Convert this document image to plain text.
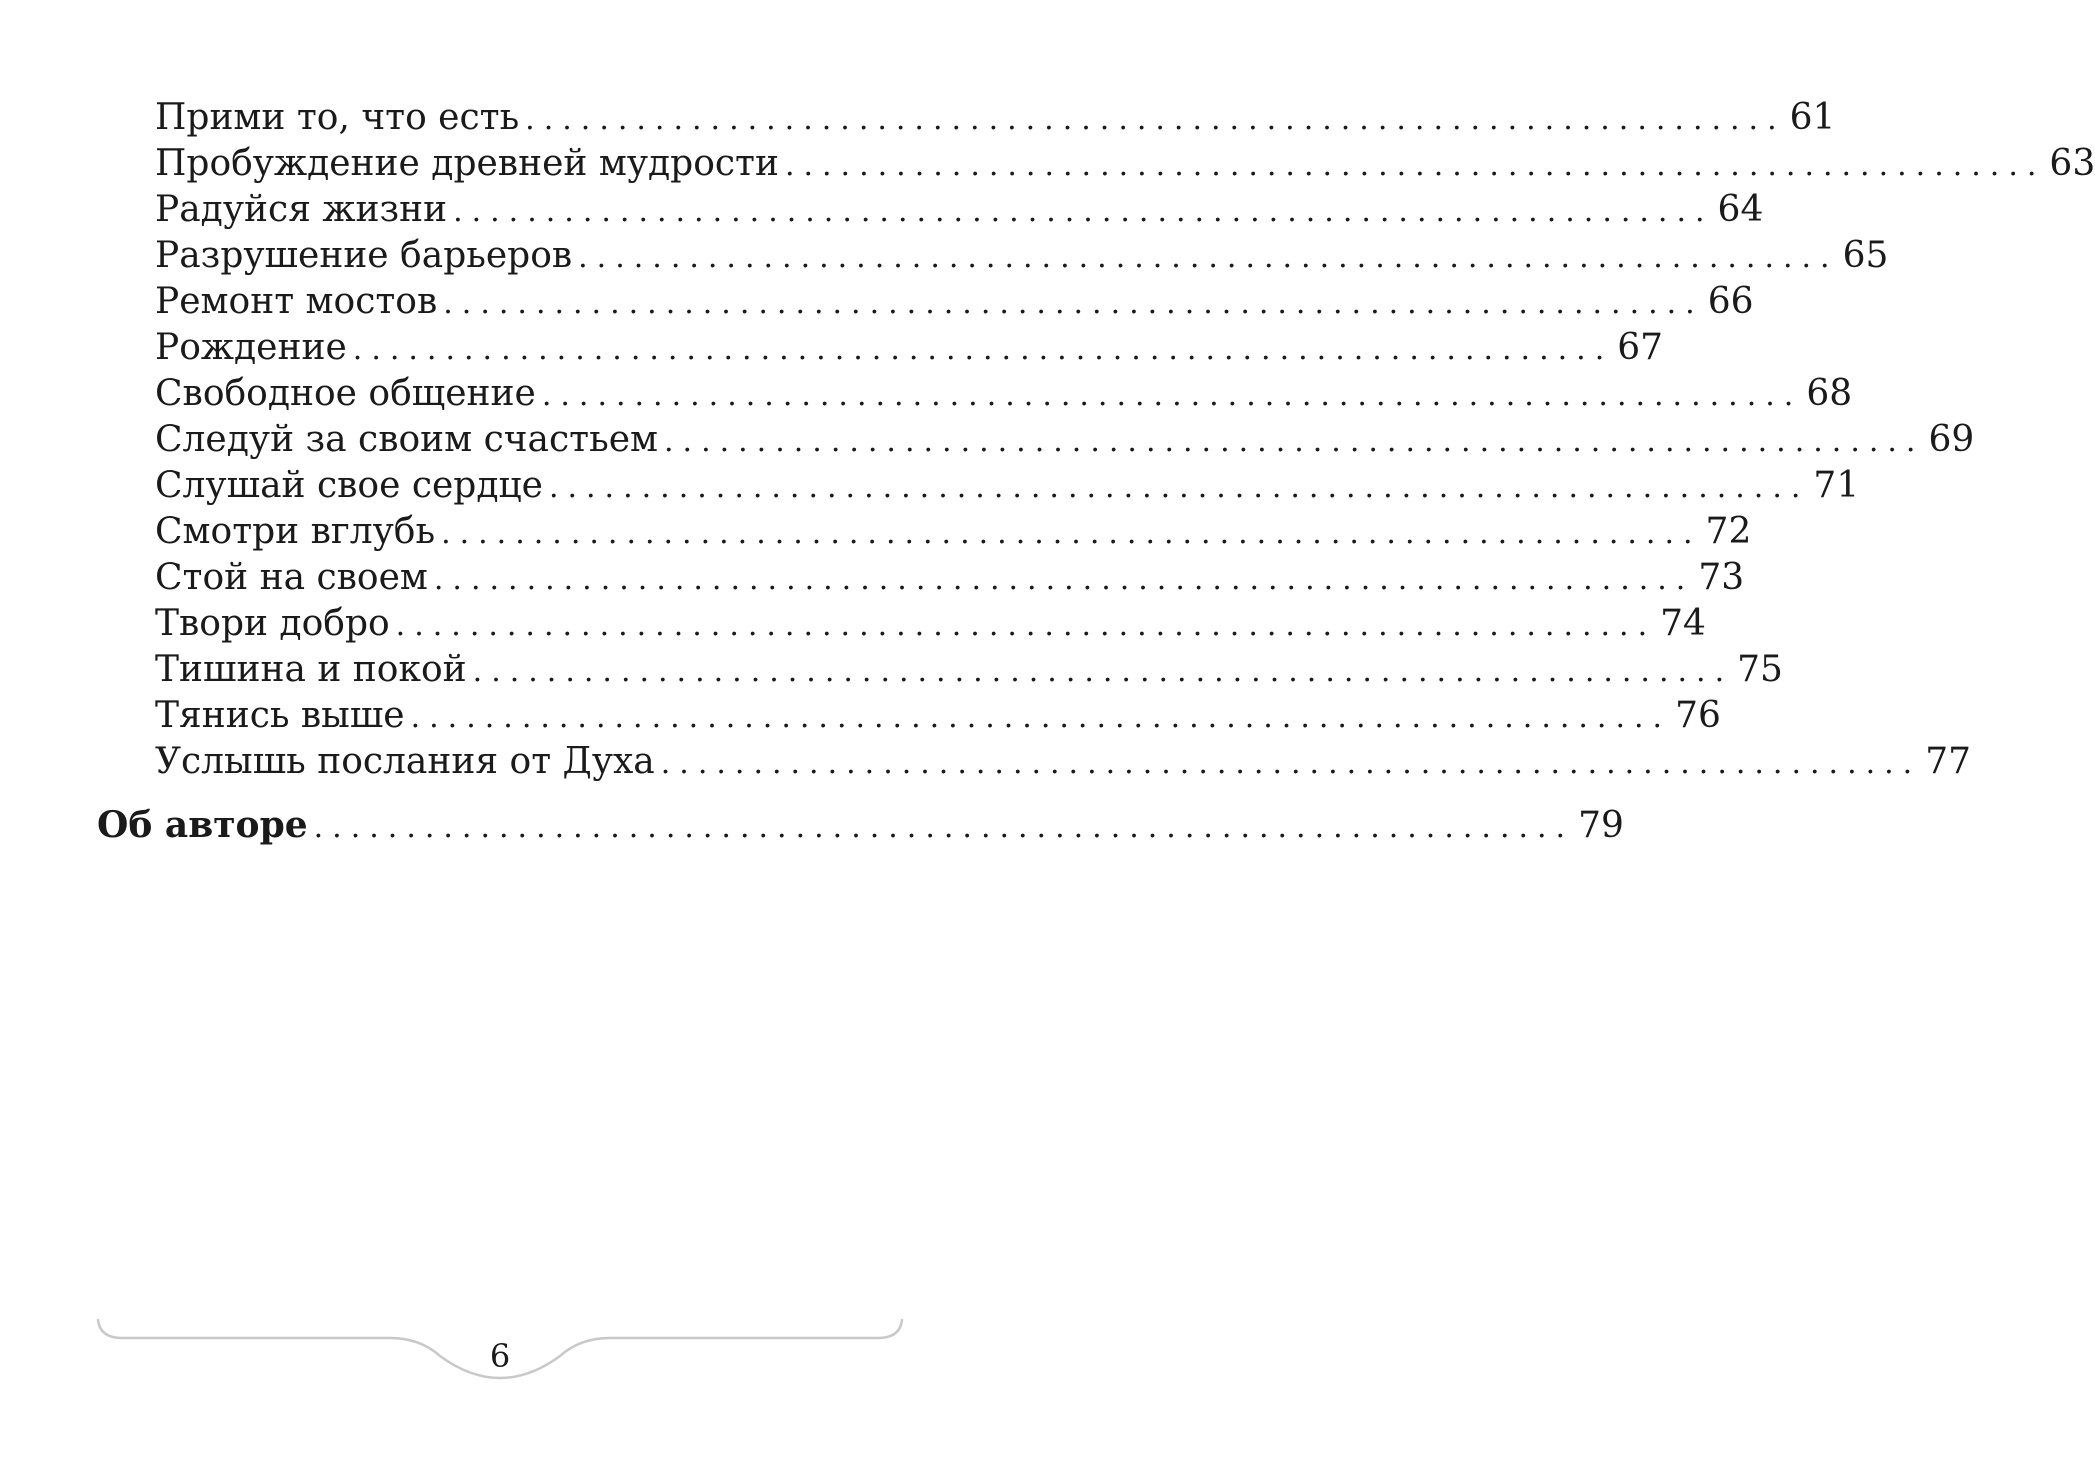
Прими то, что есть .................................................................... 61
Пробуждение древней мудрости .................................................................... 63
Радуйся жизни .................................................................... 64
Разрушение барьеров .................................................................... 65
Ремонт мостов .................................................................... 66
Рождение .................................................................... 67
Свободное общение .................................................................... 68
Следуй за своим счастьем .................................................................... 69
Слушай свое сердце .................................................................... 71
Смотри вглубь .................................................................... 72
Стой на своем .................................................................... 73
Твори добро .................................................................... 74
Тишина и покой .................................................................... 75
Тянись выше .................................................................... 76
Услышь послания от Духа .................................................................... 77
Об авторе .................................................................... 79
6
